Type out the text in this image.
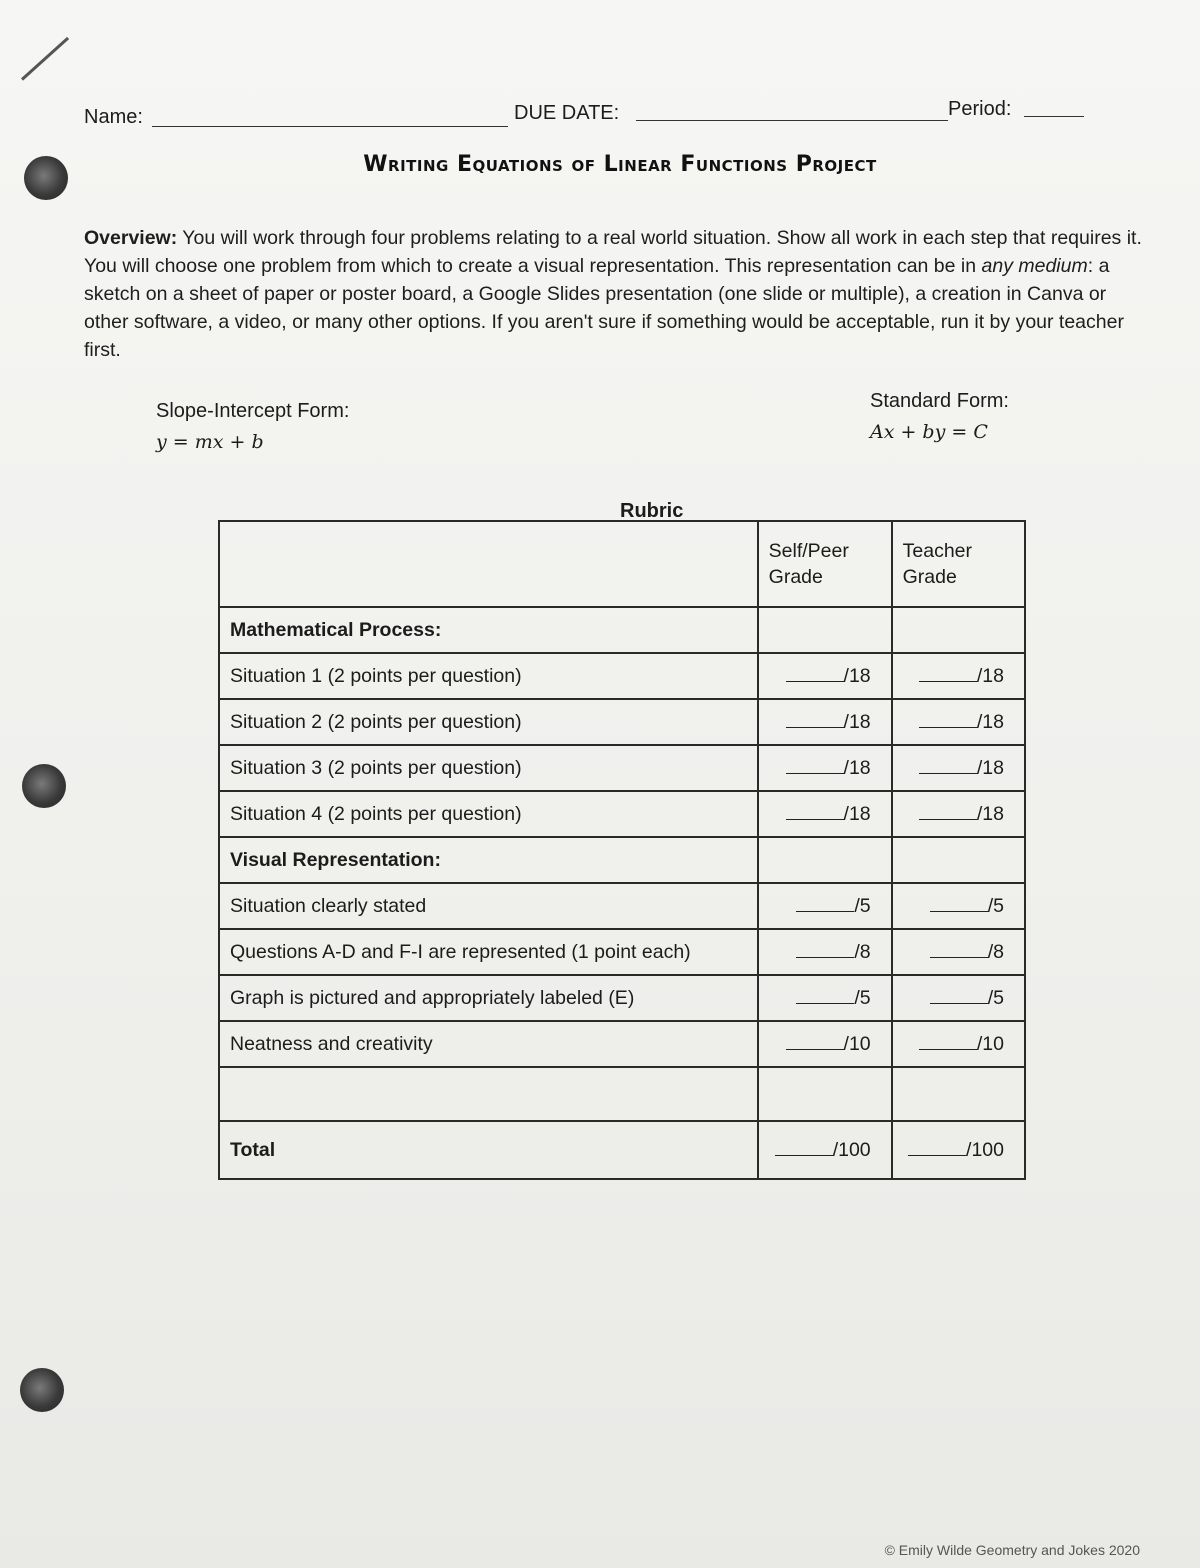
Name:	DUE DATE:	Period:
Writing Equations of Linear Functions Project
Overview: You will work through four problems relating to a real world situation. Show all work in each step that requires it. You will choose one problem from which to create a visual representation. This representation can be in any medium: a sketch on a sheet of paper or poster board, a Google Slides presentation (one slide or multiple), a creation in Canva or other software, a video, or many other options. If you aren't sure if something would be acceptable, run it by your teacher first.
Slope-Intercept Form:
y = mx + b
Standard Form:
Ax + by = C
Rubric
	Self/Peer Grade	Teacher Grade
Mathematical Process:		
Situation 1 (2 points per question)	/18	/18
Situation 2 (2 points per question)	/18	/18
Situation 3 (2 points per question)	/18	/18
Situation 4 (2 points per question)	/18	/18
Visual Representation:		
Situation clearly stated	/5	/5
Questions A-D and F-I are represented (1 point each)	/8	/8
Graph is pictured and appropriately labeled (E)	/5	/5
Neatness and creativity	/10	/10

Total	/100	/100
© Emily Wilde Geometry and Jokes 2020
